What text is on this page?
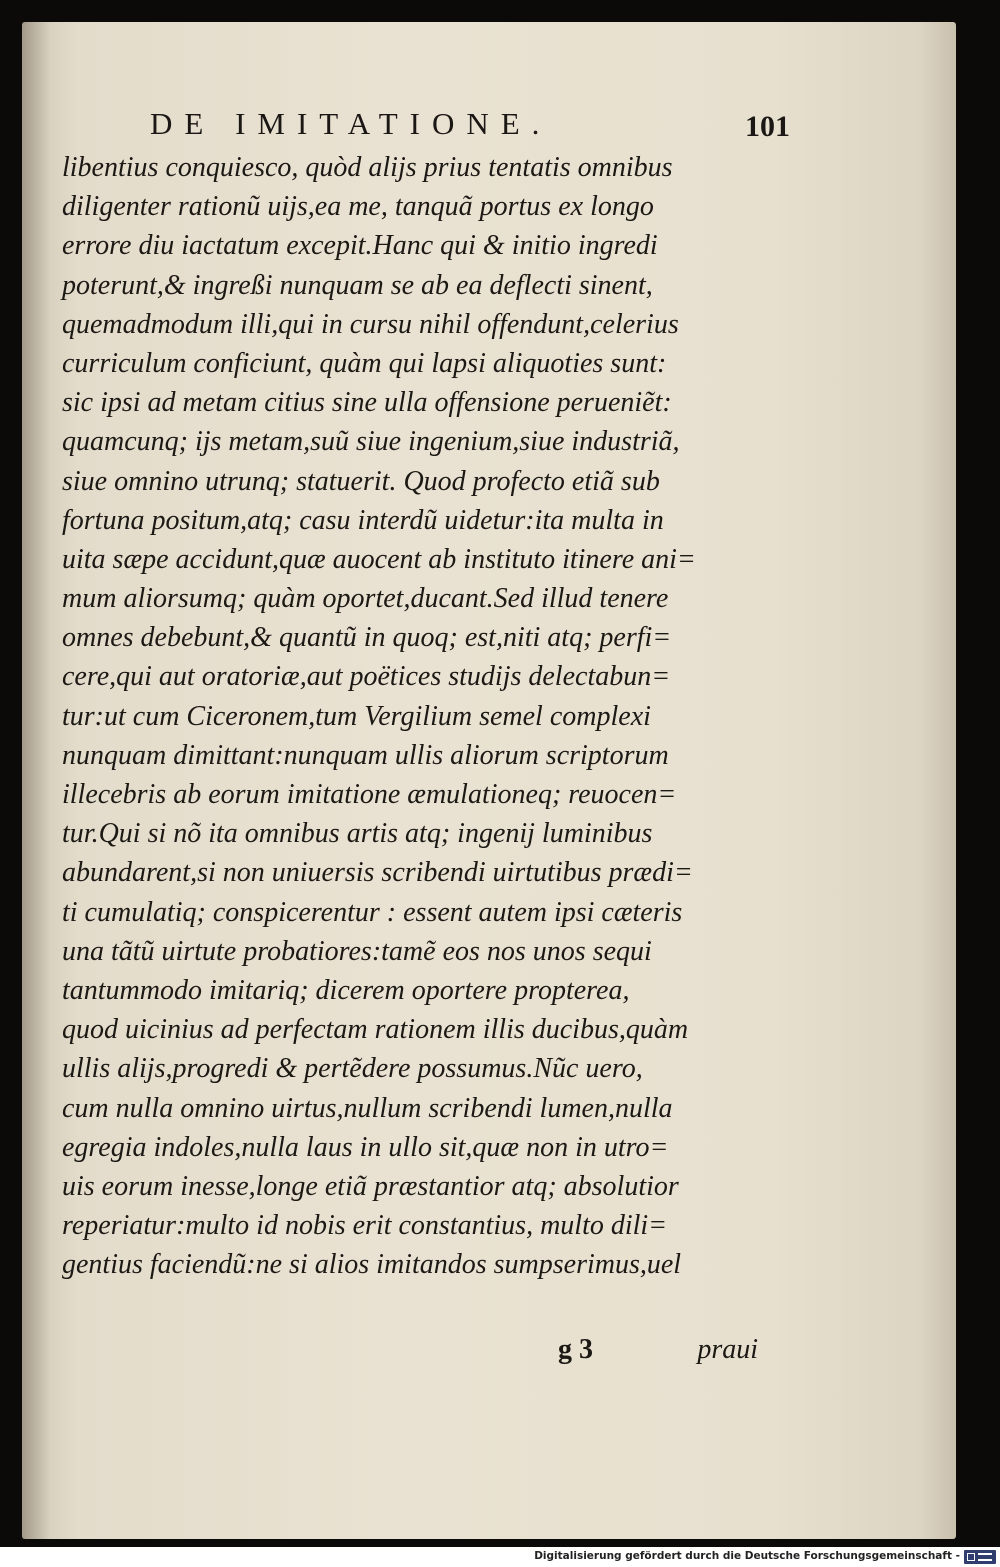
DE IMITATIONE.	101
libentius conquiesco, quòd alijs prius tentatis omnibus
diligenter rationũ uijs,ea me, tanquã portus ex longo
errore diu iactatum excepit.Hanc qui & initio ingredi
poterunt,& ingreßi nunquam se ab ea deflecti sinent,
quemadmodum illi,qui in cursu nihil offendunt,celerius
curriculum conficiunt, quàm qui lapsi aliquoties sunt:
sic ipsi ad metam citius sine ulla offensione perueniẽt:
quamcunq; ijs metam,suũ siue ingenium,siue industriã,
siue omnino utrunq; statuerit. Quod profecto etiã sub
fortuna positum,atq; casu interdũ uidetur:ita multa in
uita sæpe accidunt,quæ auocent ab instituto itinere ani=
mum aliorsumq; quàm oportet,ducant.Sed illud tenere
omnes debebunt,& quantũ in quoq; est,niti atq; perfi=
cere,qui aut oratoriæ,aut poëtices studijs delectabun=
tur:ut cum Ciceronem,tum Vergilium semel complexi
nunquam dimittant:nunquam ullis aliorum scriptorum
illecebris ab eorum imitatione æmulationeq; reuocen=
tur.Qui si nõ ita omnibus artis atq; ingenij luminibus
abundarent,si non uniuersis scribendi uirtutibus prædi=
ti cumulatiq; conspicerentur : essent autem ipsi cæteris
una tãtũ uirtute probatiores:tamẽ eos nos unos sequi
tantummodo imitariq; dicerem oportere propterea,
quod uicinius ad perfectam rationem illis ducibus,quàm
ullis alijs,progredi & pertẽdere possumus.Nũc uero,
cum nulla omnino uirtus,nullum scribendi lumen,nulla
egregia indoles,nulla laus in ullo sit,quæ non in utro=
uis eorum inesse,longe etiã præstantior atq; absolutior
reperiatur:multo id nobis erit constantius, multo dili=
gentius faciendũ:ne si alios imitandos sumpserimus,uel
g 3	praui
Digitalisierung gefördert durch die Deutsche Forschungsgemeinschaft -
